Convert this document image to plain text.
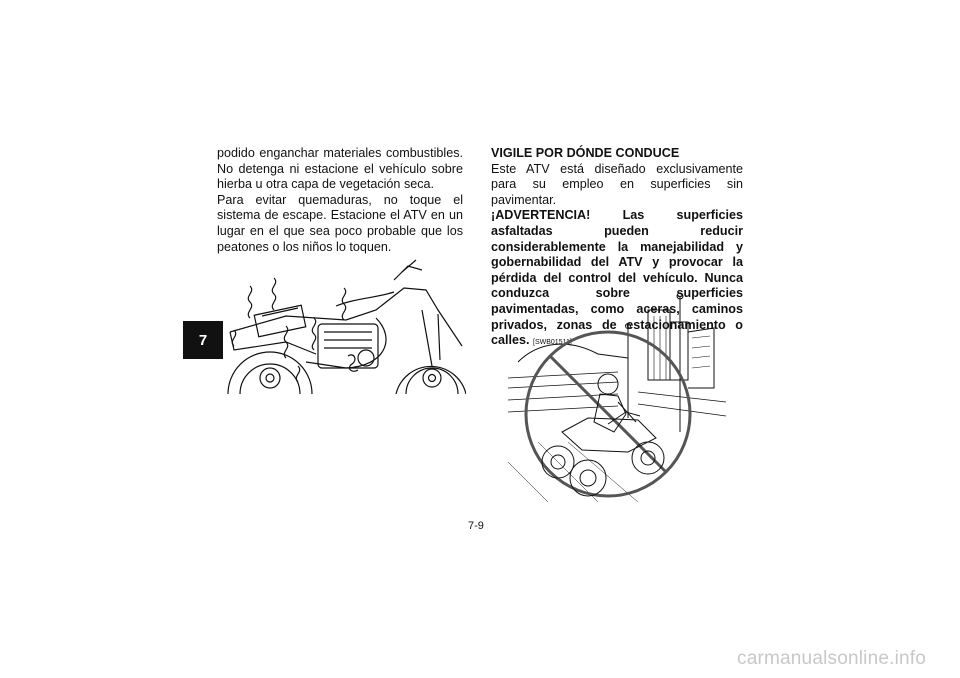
7

podido enganchar materiales combustibles. No detenga ni estacione el vehículo sobre hierba u otra capa de vegetación seca.

Para evitar quemaduras, no toque el sistema de escape. Estacione el ATV en un lugar en el que sea poco probable que los peatones o los niños lo toquen.

VIGILE POR DÓNDE CONDUCE

Este ATV está diseñado exclusivamente para su empleo en superficies sin pavimentar.

¡ADVERTENCIA! Las superficies asfaltadas pueden reducir considerablemente la manejabilidad y gobernabilidad del ATV y provocar la pérdida del control del vehículo. Nunca conduzca sobre superficies pavimentadas, como aceras, caminos privados, zonas de estacionamiento o calles. [SWB01511]

7-9
carmanualsonline.info
